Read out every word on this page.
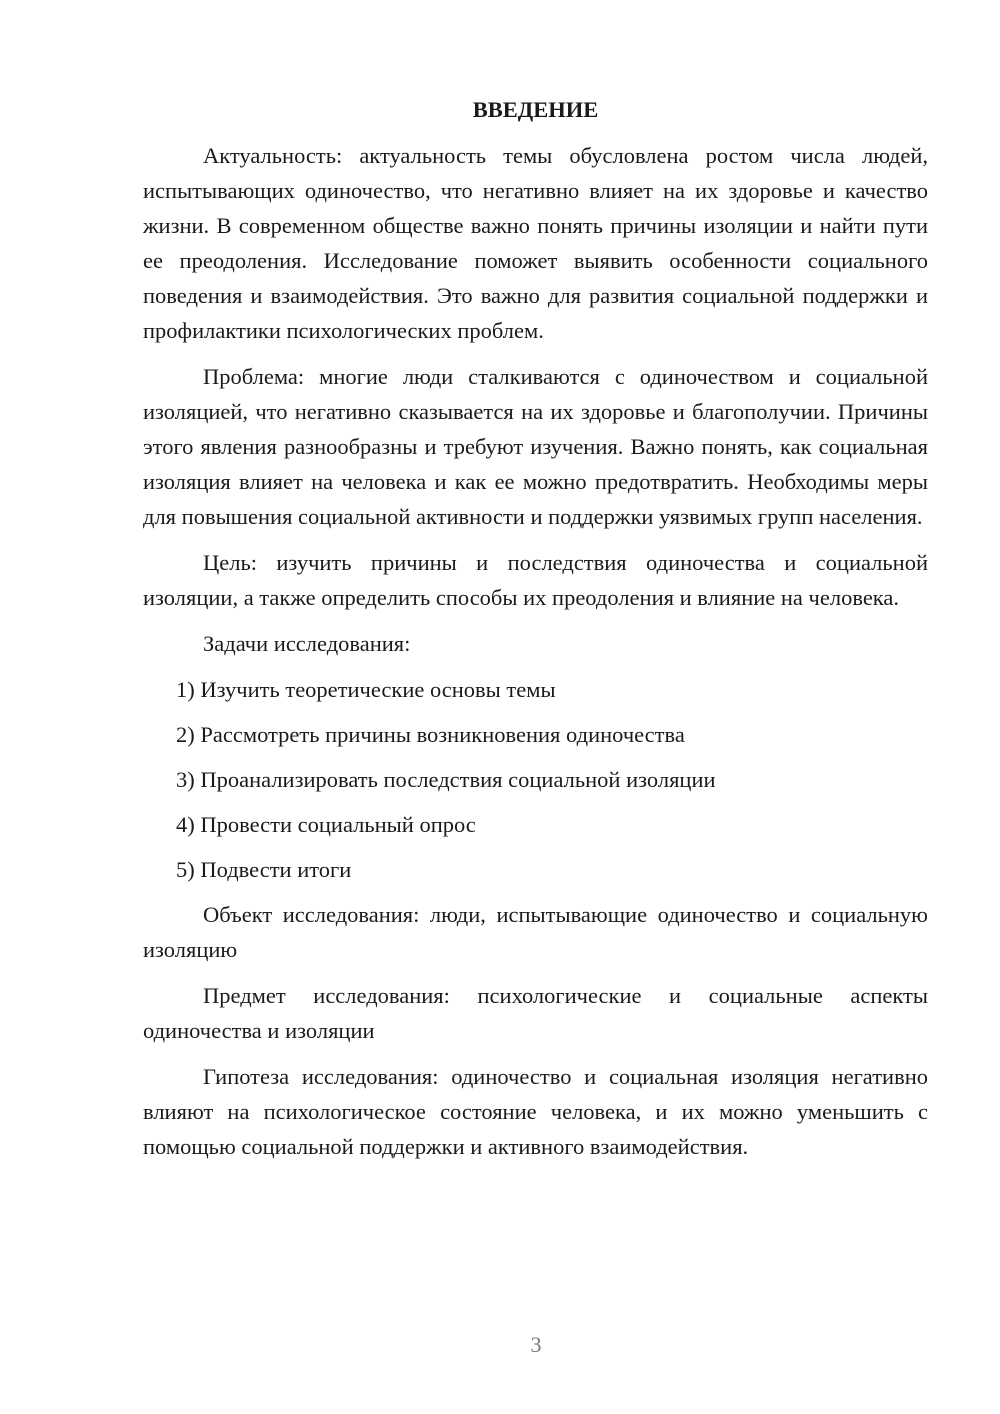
ВВЕДЕНИЕ

Актуальность: актуальность темы обусловлена ростом числа людей, испытывающих одиночество, что негативно влияет на их здоровье и качество жизни. В современном обществе важно понять причины изоляции и найти пути ее преодоления. Исследование поможет выявить особенности социального поведения и взаимодействия. Это важно для развития социальной поддержки и профилактики психологических проблем.

Проблема: многие люди сталкиваются с одиночеством и социальной изоляцией, что негативно сказывается на их здоровье и благополучии. Причины этого явления разнообразны и требуют изучения. Важно понять, как социальная изоляция влияет на человека и как ее можно предотвратить. Необходимы меры для повышения социальной активности и поддержки уязвимых групп населения.

Цель: изучить причины и последствия одиночества и социальной изоляции, а также определить способы их преодоления и влияние на человека.

Задачи исследования:

1) Изучить теоретические основы темы

2) Рассмотреть причины возникновения одиночества

3) Проанализировать последствия социальной изоляции

4) Провести социальный опрос

5) Подвести итоги

Объект исследования: люди, испытывающие одиночество и социальную изоляцию

Предмет исследования: психологические и социальные аспекты одиночества и изоляции

Гипотеза исследования: одиночество и социальная изоляция негативно влияют на психологическое состояние человека, и их можно уменьшить с помощью социальной поддержки и активного взаимодействия.

3
